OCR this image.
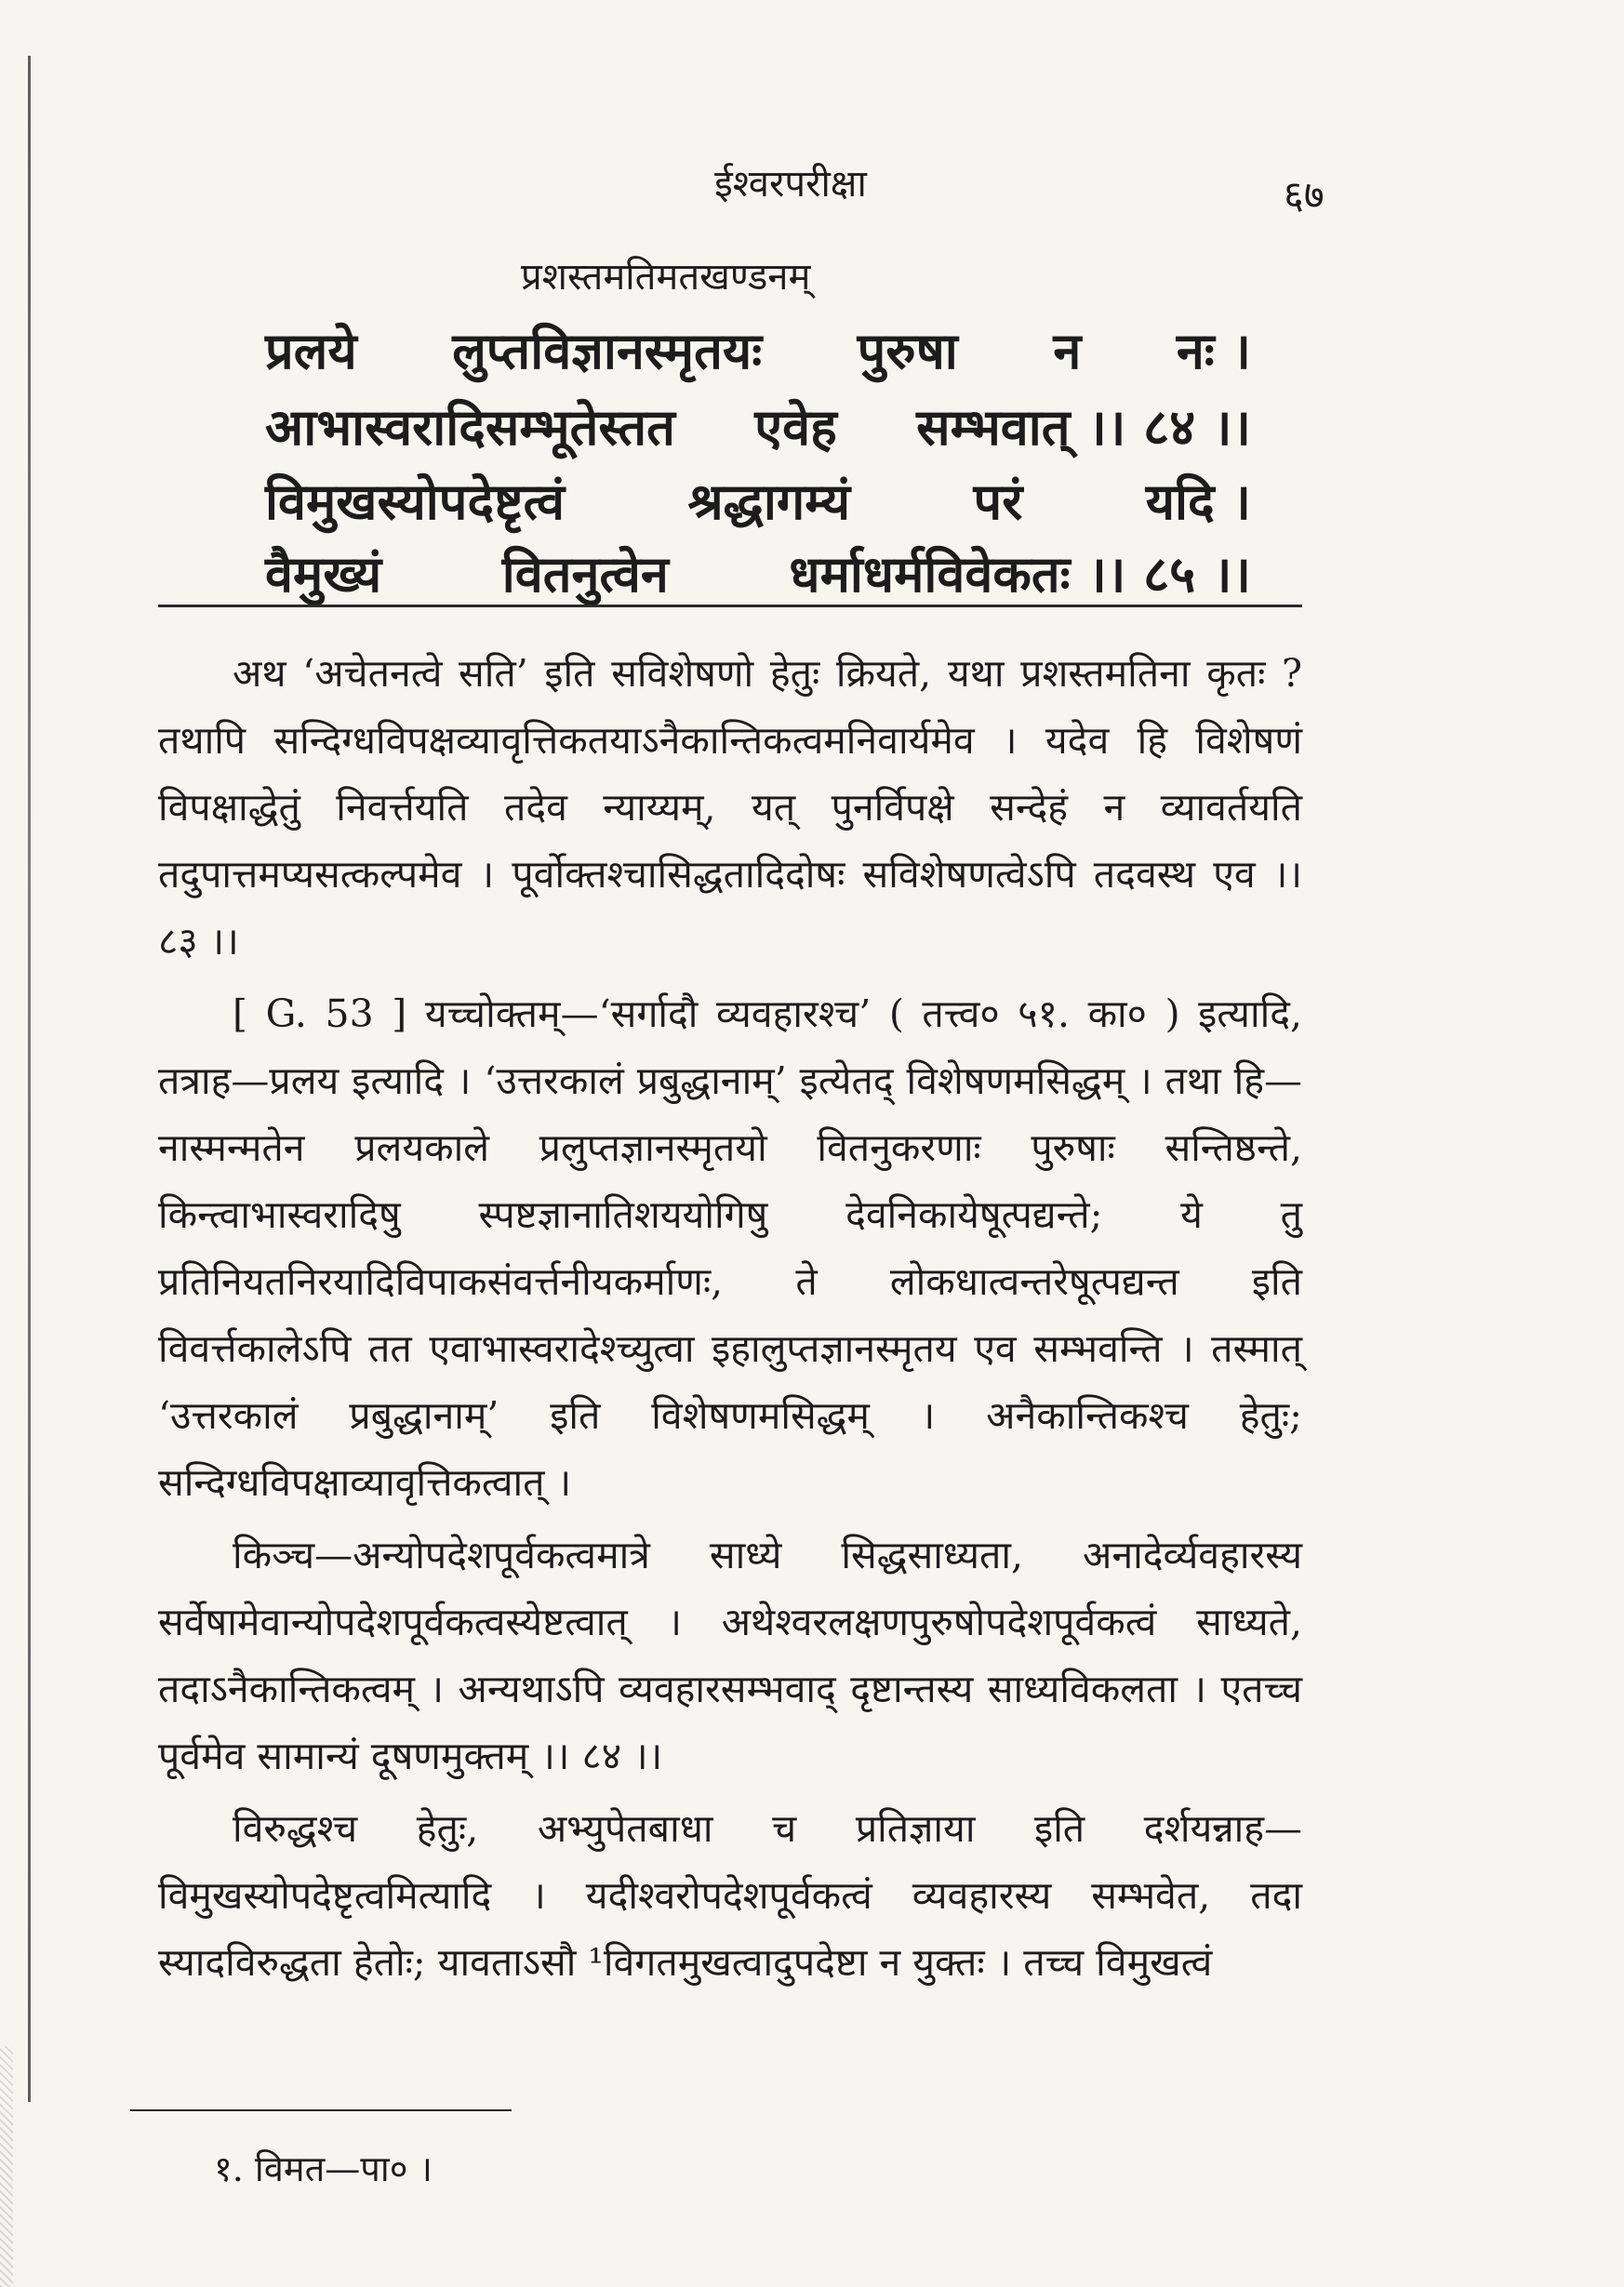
ईश्वरपरीक्षा	६७
प्रशस्तमतिमतखण्डनम्
प्रलये लुप्तविज्ञानस्मृतयः पुरुषा न नः ।
आभास्वरादिसम्भूतेस्तत एवेह सम्भवात् ।। ८४ ।।
विमुखस्योपदेष्टृत्वं श्रद्धागम्यं परं यदि ।
वैमुख्यं वितनुत्वेन धर्माधर्मविवेकतः ।। ८५ ।।

अथ ‘अचेतनत्वे सति’ इति सविशेषणो हेतुः क्रियते, यथा प्रशस्तमतिना कृतः ? तथापि सन्दिग्धविपक्षव्यावृत्तिकतयाऽनैकान्तिकत्वमनिवार्यमेव । यदेव हि विशेषणं विपक्षाद्धेतुं निवर्त्तयति तदेव न्याय्यम्, यत् पुनर्विपक्षे सन्देहं न व्यावर्तयति तदुपात्तमप्यसत्कल्पमेव । पूर्वोक्तश्चासिद्धतादिदोषः सविशेषणत्वेऽपि तदवस्थ एव ।। ८३ ।।

[ G. 53 ] यच्चोक्तम्—‘सर्गादौ व्यवहारश्च’ ( तत्त्व० ५१. का० ) इत्यादि, तत्राह—प्रलय इत्यादि । ‘उत्तरकालं प्रबुद्धानाम्’ इत्येतद् विशेषणमसिद्धम् । तथा हि—नास्मन्मतेन प्रलयकाले प्रलुप्तज्ञानस्मृतयो वितनुकरणाः पुरुषाः सन्तिष्ठन्ते, किन्त्वाभास्वरादिषु स्पष्टज्ञानातिशययोगिषु देवनिकायेषूत्पद्यन्ते; ये तु प्रतिनियतनिरयादिविपाकसंवर्त्तनीयकर्माणः, ते लोकधात्वन्तरेषूत्पद्यन्त इति विवर्त्तकालेऽपि तत एवाभास्वरादेश्च्युत्वा इहालुप्तज्ञानस्मृतय एव सम्भवन्ति । तस्मात् ‘उत्तरकालं प्रबुद्धानाम्’ इति विशेषणमसिद्धम् । अनैकान्तिकश्च हेतुः; सन्दिग्धविपक्षाव्यावृत्तिकत्वात् ।

किञ्च—अन्योपदेशपूर्वकत्वमात्रे साध्ये सिद्धसाध्यता, अनादेर्व्यवहारस्य सर्वेषामेवान्योपदेशपूर्वकत्वस्येष्टत्वात् । अथेश्वरलक्षणपुरुषोपदेशपूर्वकत्वं साध्यते, तदाऽनैकान्तिकत्वम् । अन्यथाऽपि व्यवहारसम्भवाद् दृष्टान्तस्य साध्यविकलता । एतच्च पूर्वमेव सामान्यं दूषणमुक्तम् ।। ८४ ।।

विरुद्धश्च हेतुः, अभ्युपेतबाधा च प्रतिज्ञाया इति दर्शयन्नाह—विमुखस्योपदेष्टृत्वमित्यादि । यदीश्वरोपदेशपूर्वकत्वं व्यवहारस्य सम्भवेत, तदा स्यादविरुद्धता हेतोः; यावताऽसौ ¹विगतमुखत्वादुपदेष्टा न युक्तः । तच्च विमुखत्वं

१. विमत—पा० ।
